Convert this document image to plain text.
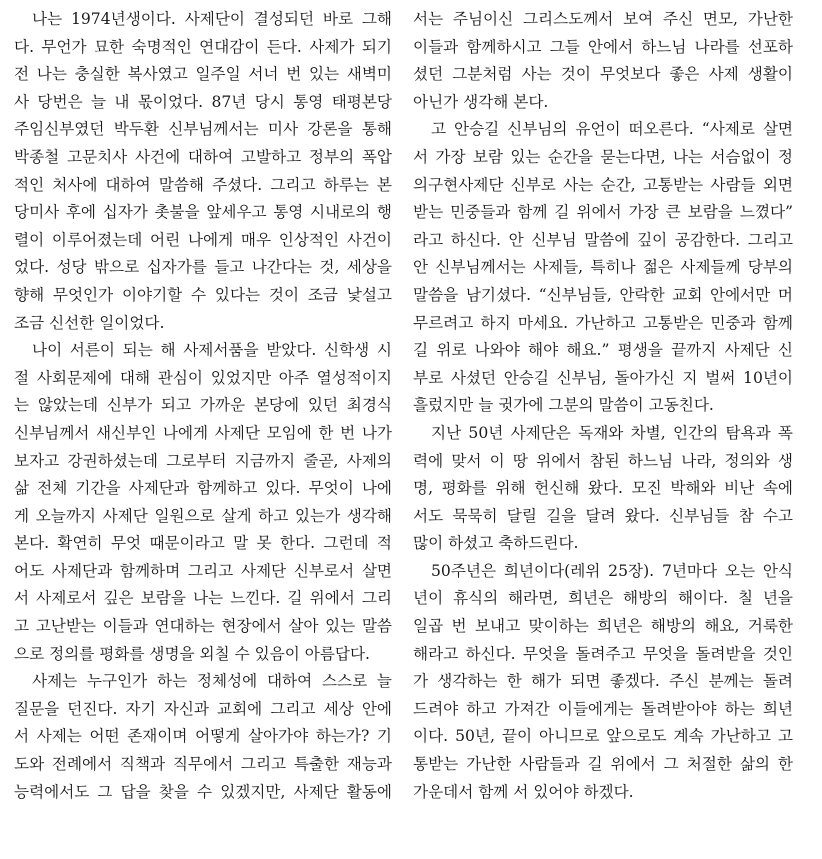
나는 1974년생이다. 사제단이 결성되던 바로 그해
다. 무언가 묘한 숙명적인 연대감이 든다. 사제가 되기
전 나는 충실한 복사였고 일주일 서너 번 있는 새벽미
사 당번은 늘 내 몫이었다. 87년 당시 통영 태평본당
주임신부였던 박두환 신부님께서는 미사 강론을 통해
박종철 고문치사 사건에 대하여 고발하고 정부의 폭압
적인 처사에 대하여 말씀해 주셨다. 그리고 하루는 본
당미사 후에 십자가 촛불을 앞세우고 통영 시내로의 행
렬이 이루어졌는데 어린 나에게 매우 인상적인 사건이
었다. 성당 밖으로 십자가를 들고 나간다는 것, 세상을
향해 무엇인가 이야기할 수 있다는 것이 조금 낯설고
조금 신선한 일이었다.
나이 서른이 되는 해 사제서품을 받았다. 신학생 시
절 사회문제에 대해 관심이 있었지만 아주 열성적이지
는 않았는데 신부가 되고 가까운 본당에 있던 최경식
신부님께서 새신부인 나에게 사제단 모임에 한 번 나가
보자고 강권하셨는데 그로부터 지금까지 줄곧, 사제의
삶 전체 기간을 사제단과 함께하고 있다. 무엇이 나에
게 오늘까지 사제단 일원으로 살게 하고 있는가 생각해
본다. 확연히 무엇 때문이라고 말 못 한다. 그런데 적
어도 사제단과 함께하며 그리고 사제단 신부로서 살면
서 사제로서 깊은 보람을 나는 느낀다. 길 위에서 그리
고 고난받는 이들과 연대하는 현장에서 살아 있는 말씀
으로 정의를 평화를 생명을 외칠 수 있음이 아름답다.
사제는 누구인가 하는 정체성에 대하여 스스로 늘
질문을 던진다. 자기 자신과 교회에 그리고 세상 안에
서 사제는 어떤 존재이며 어떻게 살아가야 하는가? 기
도와 전례에서 직책과 직무에서 그리고 특출한 재능과
능력에서도 그 답을 찾을 수 있겠지만, 사제단 활동에
서는 주님이신 그리스도께서 보여 주신 면모, 가난한
이들과 함께하시고 그들 안에서 하느님 나라를 선포하
셨던 그분처럼 사는 것이 무엇보다 좋은 사제 생활이
아닌가 생각해 본다.
고 안승길 신부님의 유언이 떠오른다. “사제로 살면
서 가장 보람 있는 순간을 묻는다면, 나는 서슴없이 정
의구현사제단 신부로 사는 순간, 고통받는 사람들 외면
받는 민중들과 함께 길 위에서 가장 큰 보람을 느꼈다”
라고 하신다. 안 신부님 말씀에 깊이 공감한다. 그리고
안 신부님께서는 사제들, 특히나 젊은 사제들께 당부의
말씀을 남기셨다. “신부님들, 안락한 교회 안에서만 머
무르려고 하지 마세요. 가난하고 고통받은 민중과 함께
길 위로 나와야 해야 해요.” 평생을 끝까지 사제단 신
부로 사셨던 안승길 신부님, 돌아가신 지 벌써 10년이
흘렀지만 늘 귓가에 그분의 말씀이 고동친다.
지난 50년 사제단은 독재와 차별, 인간의 탐욕과 폭
력에 맞서 이 땅 위에서 참된 하느님 나라, 정의와 생
명, 평화를 위해 헌신해 왔다. 모진 박해와 비난 속에
서도 묵묵히 달릴 길을 달려 왔다. 신부님들 참 수고
많이 하셨고 축하드린다.
50주년은 희년이다(레위 25장). 7년마다 오는 안식
년이 휴식의 해라면, 희년은 해방의 해이다. 칠 년을
일곱 번 보내고 맞이하는 희년은 해방의 해요, 거룩한
해라고 하신다. 무엇을 돌려주고 무엇을 돌려받을 것인
가 생각하는 한 해가 되면 좋겠다. 주신 분께는 돌려
드려야 하고 가져간 이들에게는 돌려받아야 하는 희년
이다. 50년, 끝이 아니므로 앞으로도 계속 가난하고 고
통받는 가난한 사람들과 길 위에서 그 처절한 삶의 한
가운데서 함께 서 있어야 하겠다.
